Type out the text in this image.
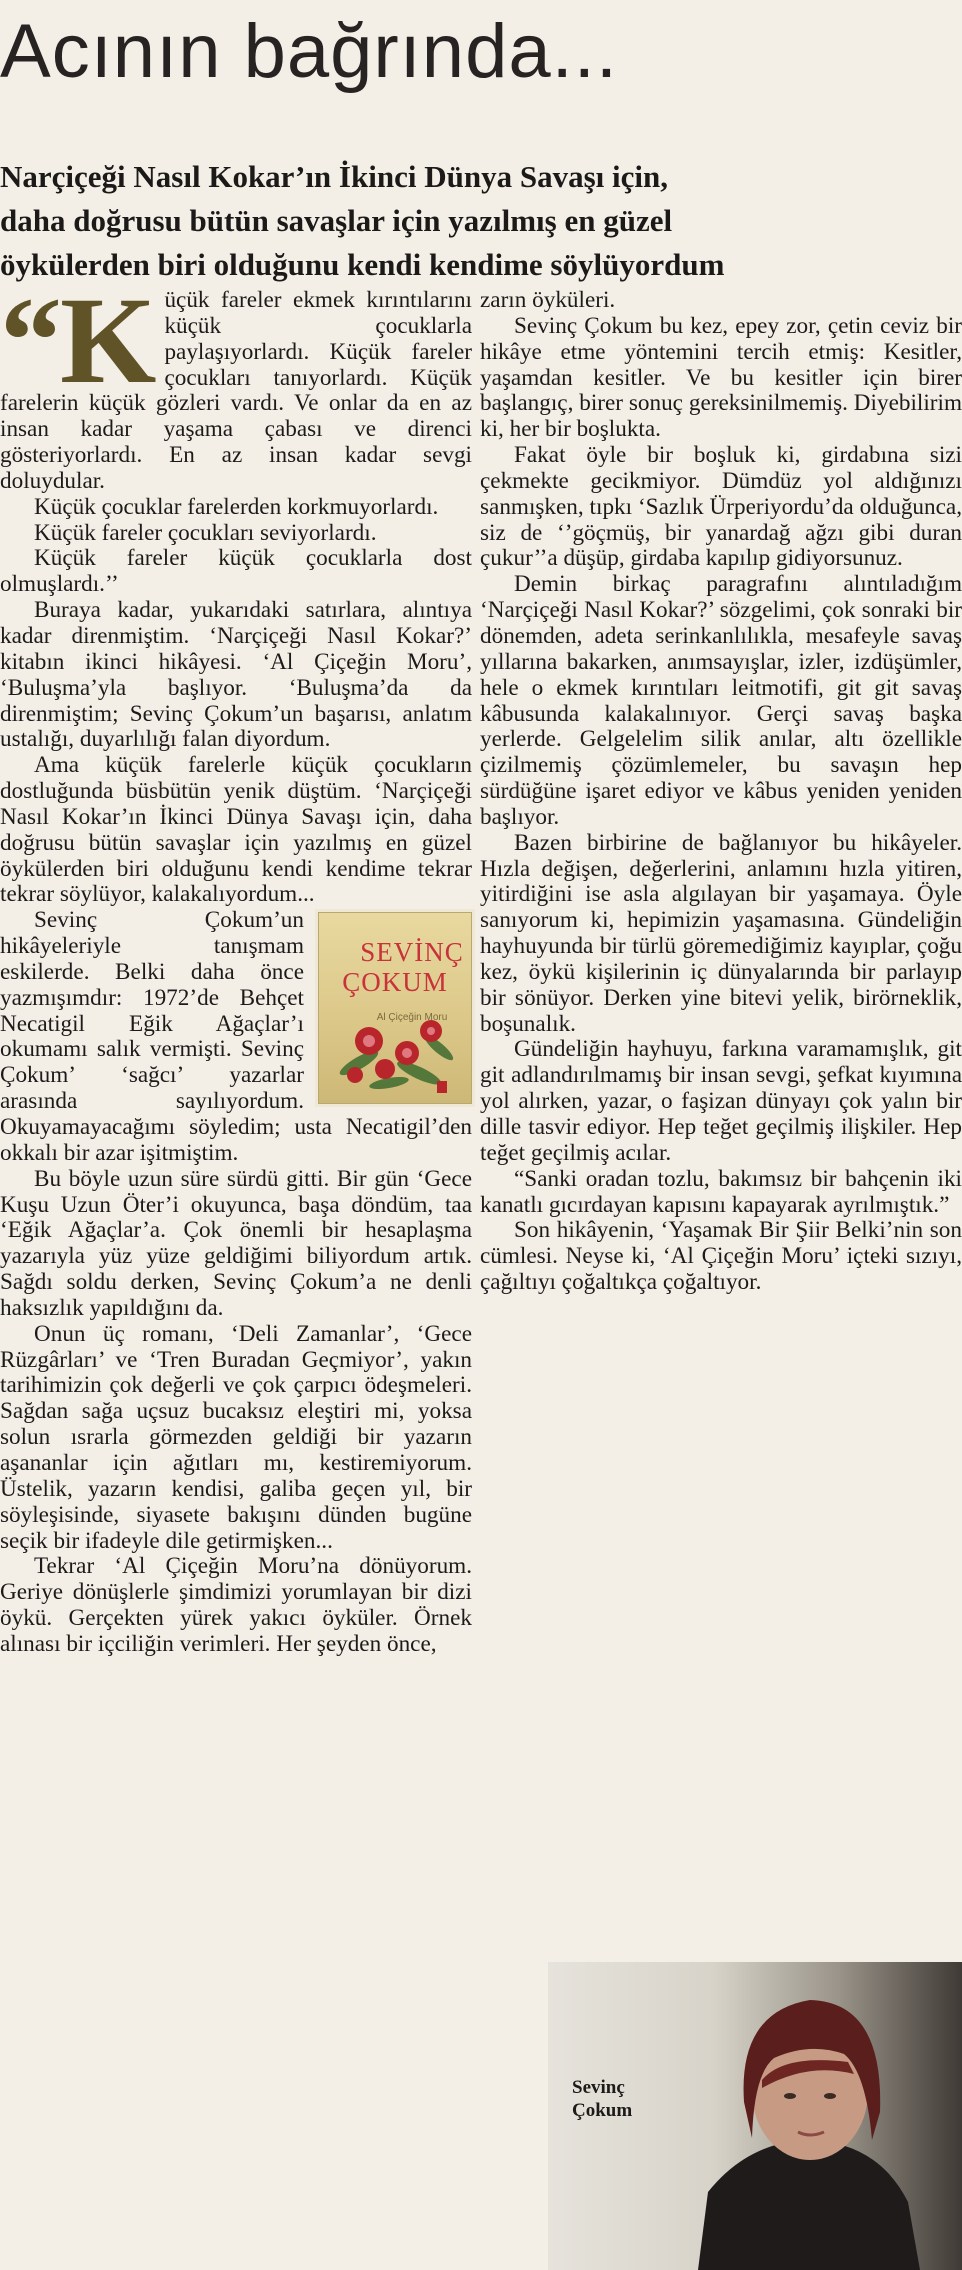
Acının bağrında...
Narçiçeği Nasıl Kokar’ın İkinci Dünya Savaşı için,
daha doğrusu bütün savaşlar için yazılmış en güzel
öykülerden biri olduğunu kendi kendime söylüyordum

“Küçük fareler ekmek kırıntılarını küçük çocuklarla paylaşıyorlardı. Küçük fareler çocukları tanıyorlardı. Küçük farelerin küçük gözleri vardı. Ve onlar da en az insan kadar yaşama çabası ve direnci gösteriyorlardı. En az insan kadar sevgi doluydular.

Küçük çocuklar farelerden korkmuyorlardı.

Küçük fareler çocukları seviyorlardı.

Küçük fareler küçük çocuklarla dost olmuşlardı.’’

Buraya kadar, yukarıdaki satırlara, alıntıya kadar direnmiştim. ‘Narçiçeği Nasıl Kokar?’ kitabın ikinci hikâyesi. ‘Al Çiçeğin Moru’, ‘Buluşma’yla başlıyor. ‘Buluşma’da da direnmiştim; Sevinç Çokum’un başarısı, anlatım ustalığı, duyarlılığı falan diyordum.

Ama küçük farelerle küçük çocukların dostluğunda büsbütün yenik düştüm. ‘Narçiçeği Nasıl Kokar’ın İkinci Dünya Savaşı için, daha doğrusu bütün savaşlar için yazılmış en güzel öykülerden biri olduğunu kendi kendime tekrar tekrar söylüyor, kalakalıyordum...

SEVİNÇ
ÇOKUM
Al Çiçeğin Moru
Sevinç Çokum’un hikâyeleriyle tanışmam eskilerde. Belki daha önce yazmışımdır: 1972’de Behçet Necatigil Eğik Ağaçlar’ı okumamı salık vermişti. Sevinç Çokum’ ‘sağcı’ yazarlar arasında sayılıyordum. Okuyamayacağımı söyledim; usta Necatigil’den okkalı bir azar işitmiştim.

Bu böyle uzun süre sürdü gitti. Bir gün ‘Gece Kuşu Uzun Öter’i okuyunca, başa döndüm, taa ‘Eğik Ağaçlar’a. Çok önemli bir hesaplaşma yazarıyla yüz yüze geldiğimi biliyordum artık. Sağdı soldu derken, Sevinç Çokum’a ne denli haksızlık yapıldığını da.

Onun üç romanı, ‘Deli Zamanlar’, ‘Gece Rüzgârları’ ve ‘Tren Buradan Geçmiyor’, yakın tarihimizin çok değerli ve çok çarpıcı ödeşmeleri. Sağdan sağa uçsuz bucaksız eleştiri mi, yoksa solun ısrarla görmezden geldiği bir yazarın aşananlar için ağıtları mı, kestiremiyorum. Üstelik, yazarın kendisi, galiba geçen yıl, bir söyleşisinde, siyasete bakışını dünden bugüne seçik bir ifadeyle dile getirmişken...

Tekrar ‘Al Çiçeğin Moru’na dönüyorum. Geriye dönüşlerle şimdimizi yorumlayan bir dizi öykü. Gerçekten yürek yakıcı öyküler. Örnek alınası bir içciliğin verimleri. Her şeyden önce,

zarın öyküleri.

Sevinç Çokum bu kez, epey zor, çetin ceviz bir hikâye etme yöntemini tercih etmiş: Kesitler, yaşamdan kesitler. Ve bu kesitler için birer başlangıç, birer sonuç gereksinilmemiş. Diyebilirim ki, her bir boşlukta.

Fakat öyle bir boşluk ki, girdabına sizi çekmekte gecikmiyor. Dümdüz yol aldığınızı sanmışken, tıpkı ‘Sazlık Ürperiyordu’da olduğunca, siz de ‘’göçmüş, bir yanardağ ağzı gibi duran çukur’’a düşüp, girdaba kapılıp gidiyorsunuz.

Demin birkaç paragrafını alıntıladığım ‘Narçiçeği Nasıl Kokar?’ sözgelimi, çok sonraki bir dönemden, adeta serinkanlılıkla, mesafeyle savaş yıllarına bakarken, anımsayışlar, izler, izdüşümler, hele o ekmek kırıntıları leitmotifi, git git savaş kâbusunda kalakalınıyor. Gerçi savaş başka yerlerde. Gelgelelim silik anılar, altı özellikle çizilmemiş çözümlemeler, bu savaşın hep sürdüğüne işaret ediyor ve kâbus yeniden yeniden başlıyor.

Bazen birbirine de bağlanıyor bu hikâyeler. Hızla değişen, değerlerini, anlamını hızla yitiren, yitirdiğini ise asla algılayan bir yaşamaya. Öyle sanıyorum ki, hepimizin yaşamasına. Gündeliğin hayhuyunda bir türlü göremediğimiz kayıplar, çoğu kez, öykü kişilerinin iç dünyalarında bir parlayıp bir sönüyor. Derken yine bitevi yelik, birörneklik, boşunalık.

Gündeliğin hayhuyu, farkına varamamışlık, git git adlandırılmamış bir insan sevgi, şefkat kıyımına yol alırken, yazar, o faşizan dünyayı çok yalın bir dille tasvir ediyor. Hep teğet geçilmiş ilişkiler. Hep teğet geçilmiş acılar.

“Sanki oradan tozlu, bakımsız bir bahçenin iki kanatlı gıcırdayan kapısını kapayarak ayrılmıştık.”

Son hikâyenin, ‘Yaşamak Bir Şiir Belki’nin son cümlesi. Neyse ki, ‘Al Çiçeğin Moru’ içteki sızıyı, çağıltıyı çoğaltıkça çoğaltıyor.

Sevinç
Çokum
